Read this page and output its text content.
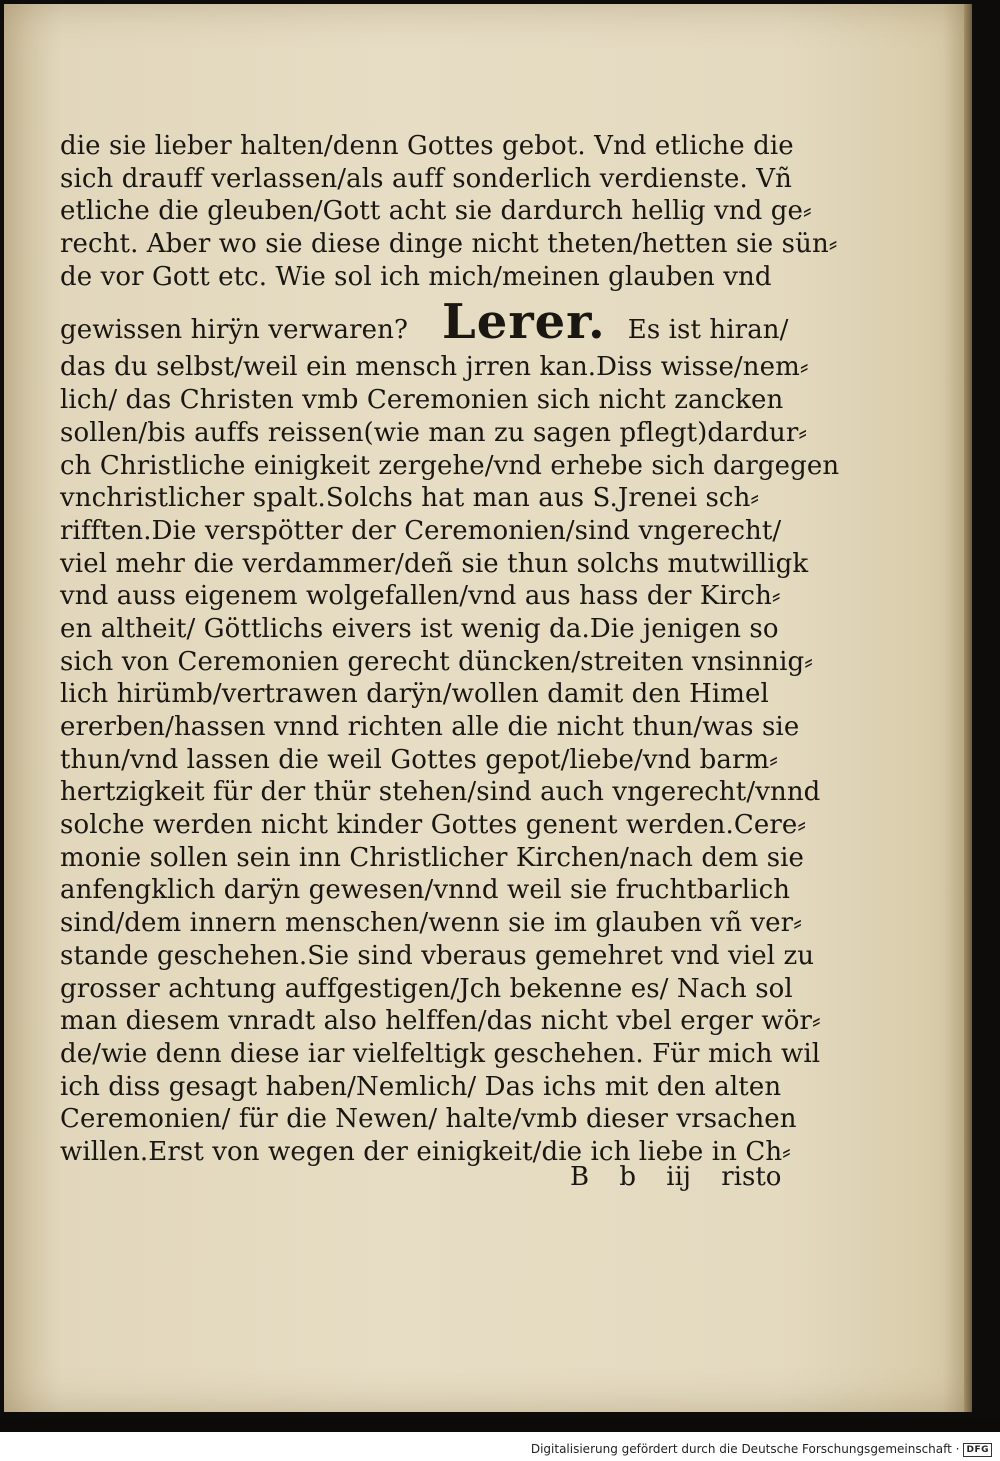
die sie lieber halten/denn Gottes gebot. Vnd etliche die
sich drauff verlassen/als auff sonderlich verdienste. Vñ
etliche die gleuben/Gott acht sie dardurch hellig vnd ge⸗
recht. Aber wo sie diese dinge nicht theten/hetten sie sün⸗
de vor Gott etc. Wie sol ich mich/meinen glauben vnd
gewissen hirÿn verwaren? Lerer. Es ist hiran/
das du selbst/weil ein mensch jrren kan.Diss wisse/nem⸗
lich/ das Christen vmb Ceremonien sich nicht zancken
sollen/bis auffs reissen(wie man zu sagen pflegt)dardur⸗
ch Christliche einigkeit zergehe/vnd erhebe sich dargegen
vnchristlicher spalt.Solchs hat man aus S.Jrenei sch⸗
rifften.Die verspötter der Ceremonien/sind vngerecht/
viel mehr die verdammer/deñ sie thun solchs mutwilligk
vnd auss eigenem wolgefallen/vnd aus hass der Kirch⸗
en altheit/ Göttlichs eivers ist wenig da.Die jenigen so
sich von Ceremonien gerecht düncken/streiten vnsinnig⸗
lich hirümb/vertrawen darÿn/wollen damit den Himel
ererben/hassen vnnd richten alle die nicht thun/was sie
thun/vnd lassen die weil Gottes gepot/liebe/vnd barm⸗
hertzigkeit für der thür stehen/sind auch vngerecht/vnnd
solche werden nicht kinder Gottes genent werden.Cere⸗
monie sollen sein inn Christlicher Kirchen/nach dem sie
anfengklich darÿn gewesen/vnnd weil sie fruchtbarlich
sind/dem innern menschen/wenn sie im glauben vñ ver⸗
stande geschehen.Sie sind vberaus gemehret vnd viel zu
grosser achtung auffgestigen/Jch bekenne es/ Nach sol
man diesem vnradt also helffen/das nicht vbel erger wör⸗
de/wie denn diese iar vielfeltigk geschehen. Für mich wil
ich diss gesagt haben/Nemlich/ Das ichs mit den alten
Ceremonien/ für die Newen/ halte/vmb dieser vrsachen
willen.Erst von wegen der einigkeit/die ich liebe in Ch⸗
B b iij risto
Digitalisierung gefördert durch die Deutsche Forschungsgemeinschaft · DFG
